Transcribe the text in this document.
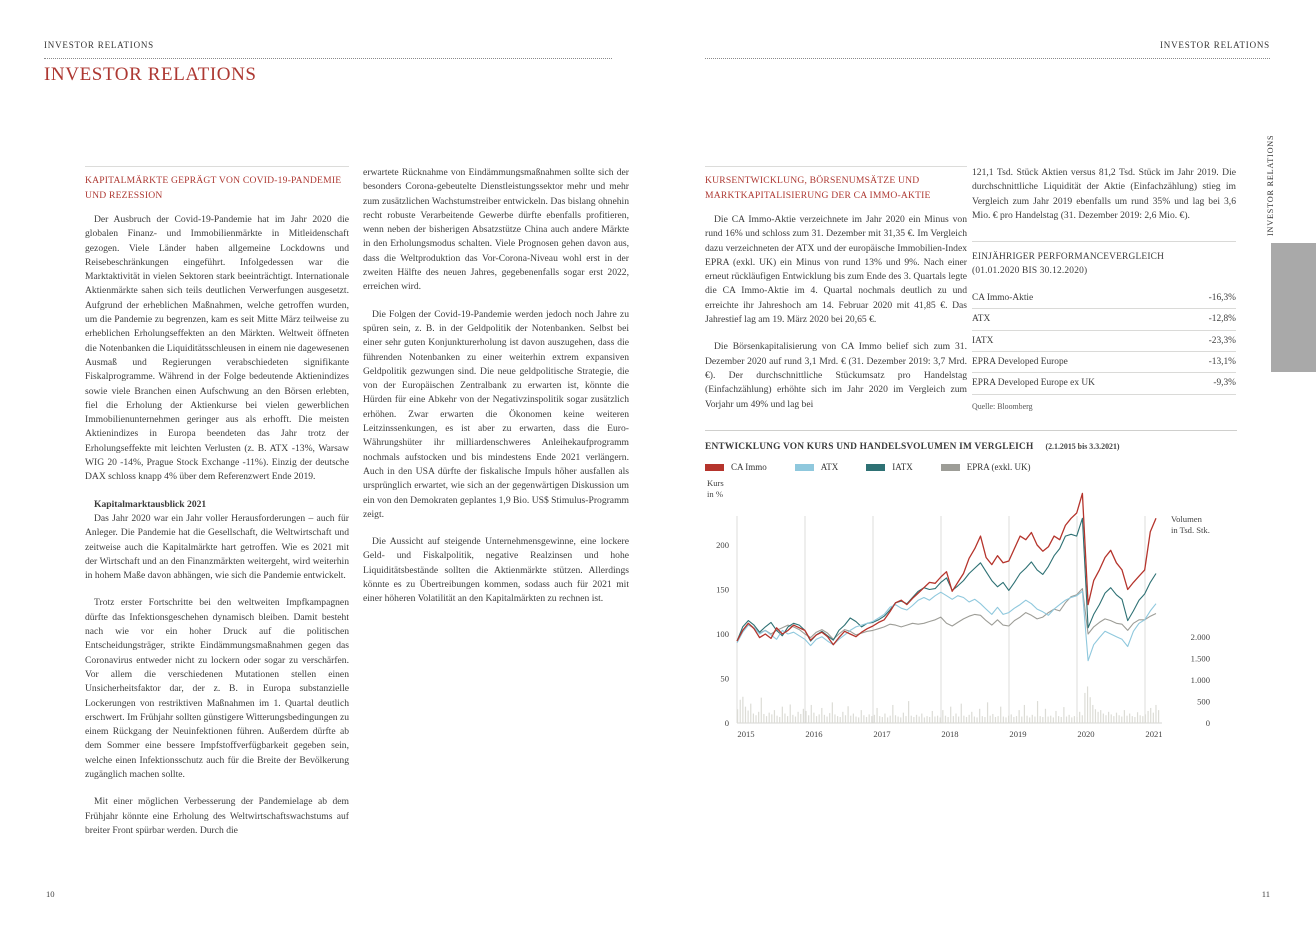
INVESTOR RELATIONS	INVESTOR RELATIONS
INVESTOR RELATIONS
KAPITALMÄRKTE GEPRÄGT VON COVID-19-PANDEMIE UND REZESSION

Der Ausbruch der Covid-19-Pandemie hat im Jahr 2020 die globalen Finanz- und Immobilienmärkte in Mitleidenschaft gezogen. Viele Länder haben allgemeine Lockdowns und Reisebeschränkungen eingeführt. Infolgedessen war die Marktaktivität in vielen Sektoren stark beeinträchtigt. Internationale Aktienmärkte sahen sich teils deutlichen Verwerfungen ausgesetzt. Aufgrund der erheblichen Maßnahmen, welche getroffen wurden, um die Pandemie zu begrenzen, kam es seit Mitte März teilweise zu erheblichen Erholungseffekten an den Märkten. Weltweit öffneten die Notenbanken die Liquiditätsschleusen in einem nie dagewesenen Ausmaß und Regierungen verabschiedeten signifikante Fiskalprogramme. Während in der Folge bedeutende Aktienindizes sowie viele Branchen einen Aufschwung an den Börsen erlebten, fiel die Erholung der Aktienkurse bei vielen gewerblichen Immobilienunternehmen geringer aus als erhofft. Die meisten Aktienindizes in Europa beendeten das Jahr trotz der Erholungseffekte mit leichten Verlusten (z. B. ATX -13%, Warsaw WIG 20 -14%, Prague Stock Exchange -11%). Einzig der deutsche DAX schloss knapp 4% über dem Referenzwert Ende 2019.

Kapitalmarktausblick 2021

Das Jahr 2020 war ein Jahr voller Herausforderungen – auch für Anleger. Die Pandemie hat die Gesellschaft, die Weltwirtschaft und zeitweise auch die Kapitalmärkte hart getroffen. Wie es 2021 mit der Wirtschaft und an den Finanzmärkten weitergeht, wird weiterhin in hohem Maße davon abhängen, wie sich die Pandemie entwickelt.

Trotz erster Fortschritte bei den weltweiten Impfkampagnen dürfte das Infektionsgeschehen dynamisch bleiben. Damit besteht nach wie vor ein hoher Druck auf die politischen Entscheidungsträger, strikte Eindämmungsmaßnahmen gegen das Coronavirus entweder nicht zu lockern oder sogar zu verschärfen. Vor allem die verschiedenen Mutationen stellen einen Unsicherheitsfaktor dar, der z. B. in Europa substanzielle Lockerungen von restriktiven Maßnahmen im 1. Quartal deutlich erschwert. Im Frühjahr sollten günstigere Witterungsbedingungen zu einem Rückgang der Neuinfektionen führen. Außerdem dürfte ab dem Sommer eine bessere Impfstoffverfügbarkeit gegeben sein, welche einen Infektionsschutz auch für die Breite der Bevölkerung zugänglich machen sollte.

Mit einer möglichen Verbesserung der Pandemielage ab dem Frühjahr könnte eine Erholung des Weltwirtschaftswachstums auf breiter Front spürbar werden. Durch die

erwartete Rücknahme von Eindämmungsmaßnahmen sollte sich der besonders Corona-gebeutelte Dienstleistungssektor mehr und mehr zum zusätzlichen Wachstumstreiber entwickeln. Das bislang ohnehin recht robuste Verarbeitende Gewerbe dürfte ebenfalls profitieren, wenn neben der bisherigen Absatzstütze China auch andere Märkte in den Erholungsmodus schalten. Viele Prognosen gehen davon aus, dass die Weltproduktion das Vor-Corona-Niveau wohl erst in der zweiten Hälfte des neuen Jahres, gegebenenfalls sogar erst 2022, erreichen wird.

Die Folgen der Covid-19-Pandemie werden jedoch noch Jahre zu spüren sein, z. B. in der Geldpolitik der Notenbanken. Selbst bei einer sehr guten Konjunkturerholung ist davon auszugehen, dass die führenden Notenbanken zu einer weiterhin extrem expansiven Geldpolitik gezwungen sind. Die neue geldpolitische Strategie, die von der Europäischen Zentralbank zu erwarten ist, könnte die Hürden für eine Abkehr von der Negativzinspolitik sogar zusätzlich erhöhen. Zwar erwarten die Ökonomen keine weiteren Leitzinssenkungen, es ist aber zu erwarten, dass die Euro-Währungshüter ihr milliardenschweres Anleihekaufprogramm nochmals aufstocken und bis mindestens Ende 2021 verlängern. Auch in den USA dürfte der fiskalische Impuls höher ausfallen als ursprünglich erwartet, wie sich an der gegenwärtigen Diskussion um ein von den Demokraten geplantes 1,9 Bio. US$ Stimulus-Programm zeigt.

Die Aussicht auf steigende Unternehmensgewinne, eine lockere Geld- und Fiskalpolitik, negative Realzinsen und hohe Liquiditätsbestände sollten die Aktienmärkte stützen. Allerdings könnte es zu Übertreibungen kommen, sodass auch für 2021 mit einer höheren Volatilität an den Kapitalmärkten zu rechnen ist.

KURSENTWICKLUNG, BÖRSENUMSÄTZE UND MARKTKAPITALISIERUNG DER CA IMMO-AKTIE

Die CA Immo-Aktie verzeichnete im Jahr 2020 ein Minus von rund 16% und schloss zum 31. Dezember mit 31,35 €. Im Vergleich dazu verzeichneten der ATX und der europäische Immobilien-Index EPRA (exkl. UK) ein Minus von rund 13% und 9%. Nach einer erneut rückläufigen Entwicklung bis zum Ende des 3. Quartals legte die CA Immo-Aktie im 4. Quartal nochmals deutlich zu und erreichte ihr Jahreshoch am 14. Februar 2020 mit 41,85 €. Das Jahrestief lag am 19. März 2020 bei 20,65 €.

Die Börsenkapitalisierung von CA Immo belief sich zum 31. Dezember 2020 auf rund 3,1 Mrd. € (31. Dezember 2019: 3,7 Mrd. €). Der durchschnittliche Stückumsatz pro Handelstag (Einfachzählung) erhöhte sich im Jahr 2020 im Vergleich zum Vorjahr um 49% und lag bei

121,1 Tsd. Stück Aktien versus 81,2 Tsd. Stück im Jahr 2019. Die durchschnittliche Liquidität der Aktie (Einfachzählung) stieg im Vergleich zum Jahr 2019 ebenfalls um rund 35% und lag bei 3,6 Mio. € pro Handelstag (31. Dezember 2019: 2,6 Mio. €).

EINJÄHRIGER PERFORMANCEVERGLEICH
(01.01.2020 BIS 30.12.2020)
CA Immo-Aktie	-16,3%
ATX	-12,8%
IATX	-23,3%
EPRA Developed Europe	-13,1%
EPRA Developed Europe ex UK	-9,3%
Quelle: Bloomberg
ENTWICKLUNG VON KURS UND HANDELSVOLUMEN IM VERGLEICH (2.1.2015 bis 3.3.2021)
CA Immo	ATX	IATX	EPRA (exkl. UK)
2015	2016	2017	2018	2019	2020	2021
0
50
100
150
200
0
500
1.000
1.500
2.000
Kurs
in %
Volumen
in Tsd. Stk.
INVESTOR RELATIONS
10	11
